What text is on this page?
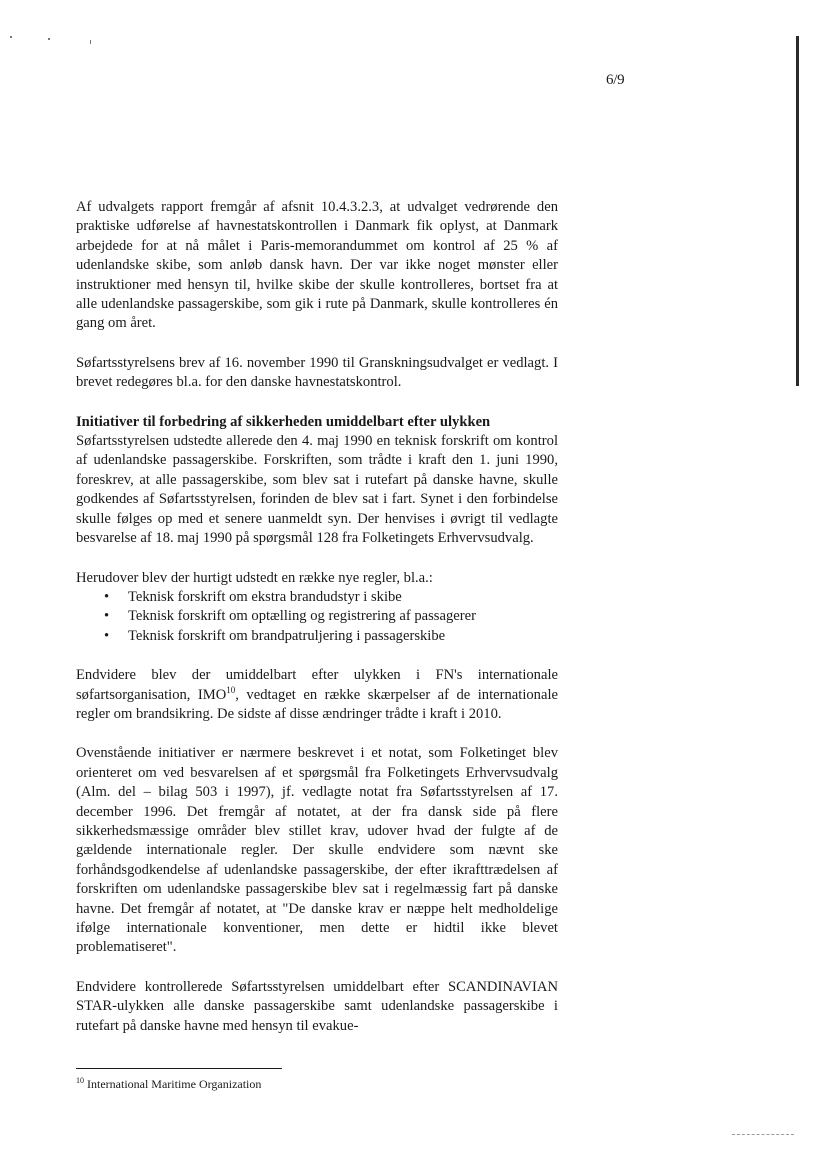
6/9

Af udvalgets rapport fremgår af afsnit 10.4.3.2.3, at udvalget vedrørende den praktiske udførelse af havnestatskontrollen i Danmark fik oplyst, at Danmark arbejdede for at nå målet i Paris-memorandummet om kontrol af 25 % af udenlandske skibe, som anløb dansk havn. Der var ikke noget mønster eller instruktioner med hensyn til, hvilke skibe der skulle kontrolleres, bortset fra at alle udenlandske passagerskibe, som gik i rute på Danmark, skulle kontrolleres én gang om året.

Søfartsstyrelsens brev af 16. november 1990 til Granskningsudvalget er vedlagt. I brevet redegøres bl.a. for den danske havnestatskontrol.

Initiativer til forbedring af sikkerheden umiddelbart efter ulykken

Søfartsstyrelsen udstedte allerede den 4. maj 1990 en teknisk forskrift om kontrol af udenlandske passagerskibe. Forskriften, som trådte i kraft den 1. juni 1990, foreskrev, at alle passagerskibe, som blev sat i rutefart på danske havne, skulle godkendes af Søfartsstyrelsen, forinden de blev sat i fart. Synet i den forbindelse skulle følges op med et senere uanmeldt syn. Der henvises i øvrigt til vedlagte besvarelse af 18. maj 1990 på spørgsmål 128 fra Folketingets Erhvervsudvalg.

Herudover blev der hurtigt udstedt en række nye regler, bl.a.:

• Teknisk forskrift om ekstra brandudstyr i skibe
• Teknisk forskrift om optælling og registrering af passagerer
• Teknisk forskrift om brandpatruljering i passagerskibe

Endvidere blev der umiddelbart efter ulykken i FN's internationale søfartsorganisation, IMO$^{10}$, vedtaget en række skærpelser af de internationale regler om brandsikring. De sidste af disse ændringer trådte i kraft i 2010.

Ovenstående initiativer er nærmere beskrevet i et notat, som Folketinget blev orienteret om ved besvarelsen af et spørgsmål fra Folketingets Erhvervsudvalg (Alm. del – bilag 503 i 1997), jf. vedlagte notat fra Søfartsstyrelsen af 17. december 1996. Det fremgår af notatet, at der fra dansk side på flere sikkerhedsmæssige områder blev stillet krav, udover hvad der fulgte af de gældende internationale regler. Der skulle endvidere som nævnt ske forhåndsgodkendelse af udenlandske passagerskibe, der efter ikrafttrædelsen af forskriften om udenlandske passagerskibe blev sat i regelmæssig fart på danske havne. Det fremgår af notatet, at "De danske krav er næppe helt medholdelige ifølge internationale konventioner, men dette er hidtil ikke blevet problematiseret".

Endvidere kontrollerede Søfartsstyrelsen umiddelbart efter SCANDINAVIAN STAR-ulykken alle danske passagerskibe samt udenlandske passagerskibe i rutefart på danske havne med hensyn til evakue-

$^{10}$ International Maritime Organization
